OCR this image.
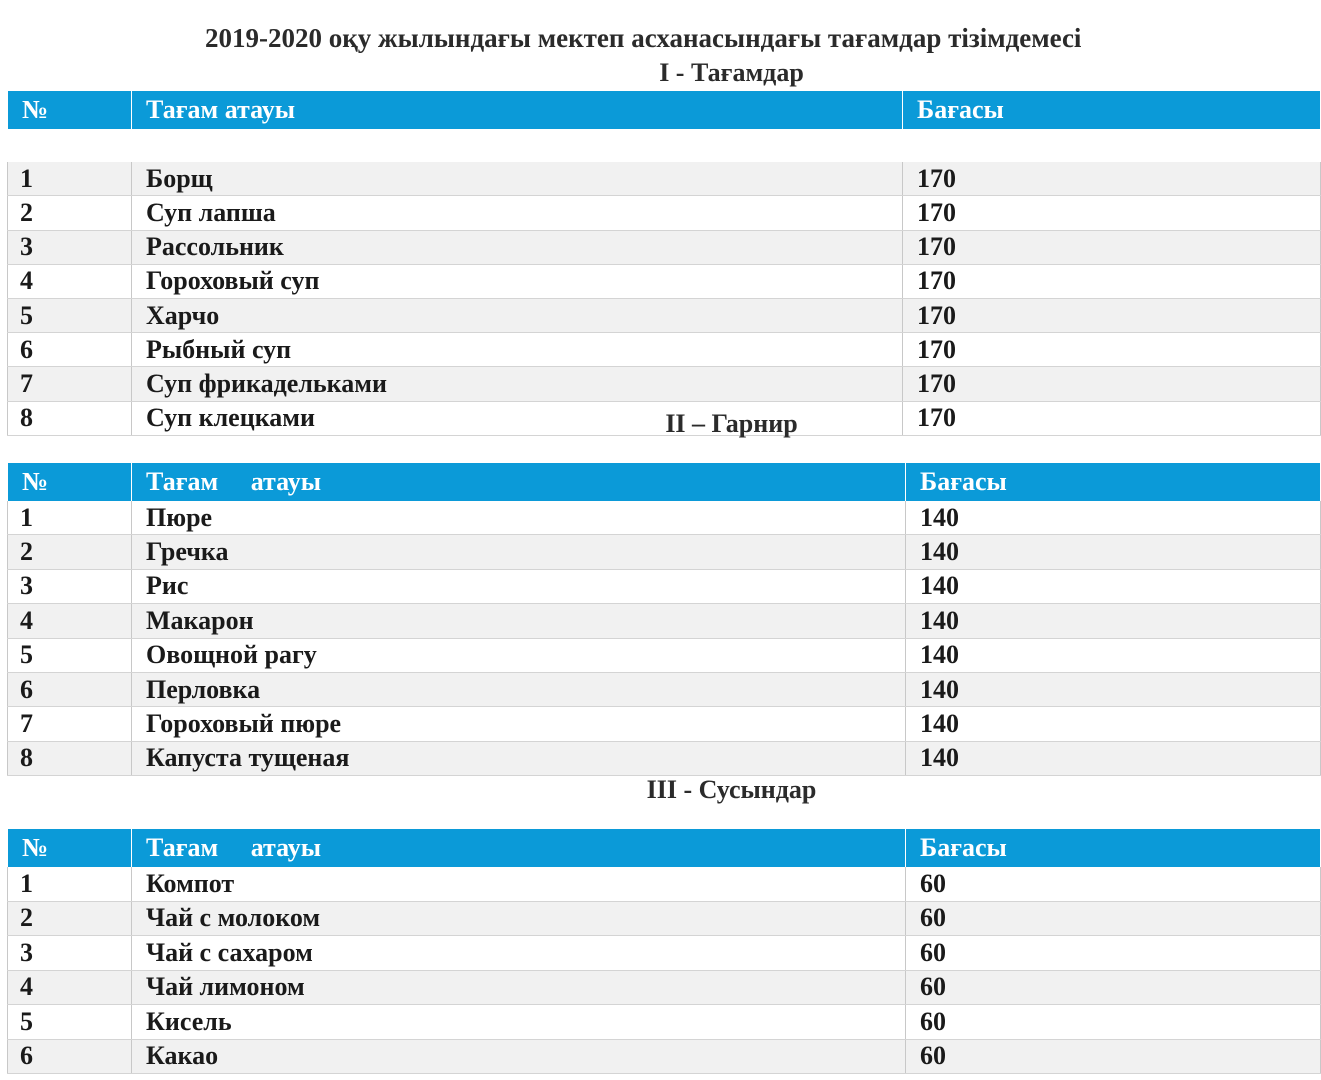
2019-2020 оқу жылындағы мектеп асханасындағы тағамдар тізімдемесі
I - Тағамдар
№	Тағам атауы	Бағасы

1	Борщ	170
2	Суп лапша	170
3	Рассольник	170
4	Гороховый суп	170
5	Харчо	170
6	Рыбный суп	170
7	Суп фрикадельками	170
8	Суп клецками	170
II – Гарнир
№	Тағам     атауы	Бағасы
1	Пюре	140
2	Гречка	140
3	Рис	140
4	Макарон	140
5	Овощной рагу	140
6	Перловка	140
7	Гороховый пюре	140
8	Капуста тущеная	140
III - Сусындар
№	Тағам     атауы	Бағасы
1	Компот	60
2	Чай с молоком	60
3	Чай с сахаром	60
4	Чай лимоном	60
5	Кисель	60
6	Какао	60
